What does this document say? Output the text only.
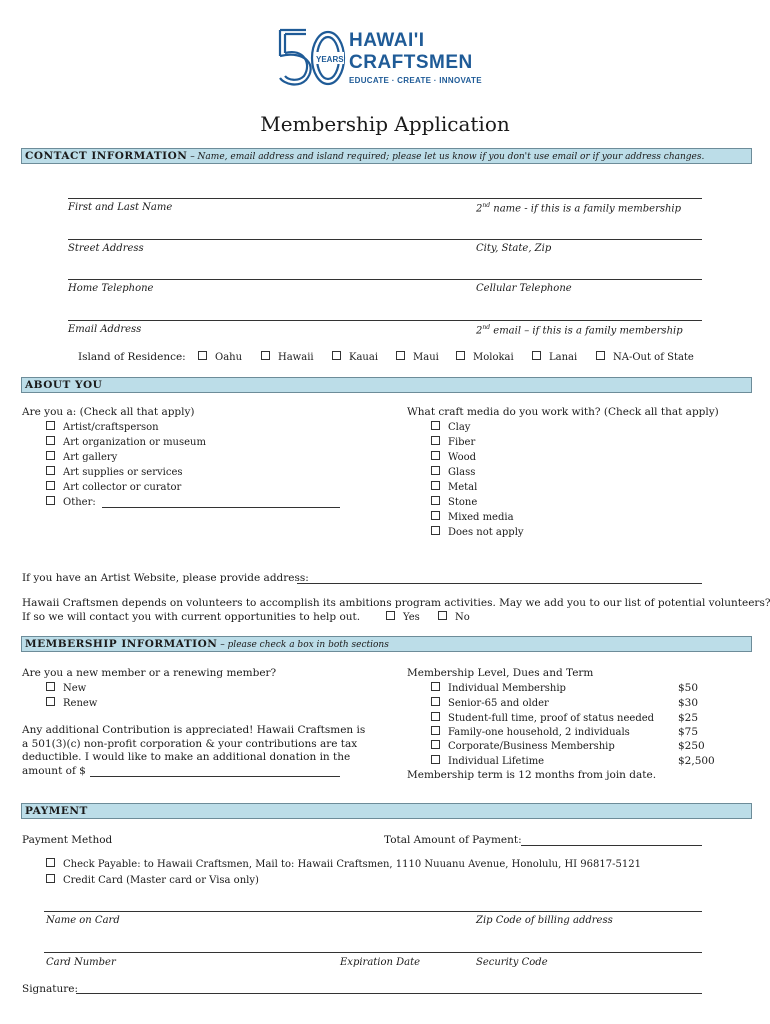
YEARS
HAWAI'I
CRAFTSMEN
EDUCATE · CREATE · INNOVATE
Membership Application
CONTACT INFORMATION – Name, email address and island required; please let us know if you don't use email or if your address changes.
First and Last Name	2nd name - if this is a family membership
Street Address	City, State, Zip
Home Telephone	Cellular Telephone
Email Address	2nd email – if this is a family membership
Island of Residence:	Oahu	Hawaii	Kauai	Maui	Molokai	Lanai	NA-Out of State
ABOUT YOU
Are you a: (Check all that apply)
Artist/craftsperson
Art organization or museum
Art gallery
Art supplies or services
Art collector or curator
Other:
What craft media do you work with? (Check all that apply)
Clay
Fiber
Wood
Glass
Metal
Stone
Mixed media
Does not apply
If you have an Artist Website, please provide address:
Hawaii Craftsmen depends on volunteers to accomplish its ambitions program activities. May we add you to our list of potential volunteers?
If so we will contact you with current opportunities to help out.	Yes	No
MEMBERSHIP INFORMATION – please check a box in both sections
Are you a new member or a renewing member?
New
Renew
Any additional Contribution is appreciated! Hawaii Craftsmen is
a 501(3)(c) non-profit corporation & your contributions are tax
deductible. I would like to make an additional donation in the
amount of $
Membership Level, Dues and Term
Individual Membership	$50
Senior-65 and older	$30
Student-full time, proof of status needed $25
Family-one household, 2 individuals	$75
Corporate/Business Membership	$250
Individual Lifetime	$2,500
Membership term is 12 months from join date.
PAYMENT
Payment Method	Total Amount of Payment:
Check Payable: to Hawaii Craftsmen, Mail to: Hawaii Craftsmen, 1110 Nuuanu Avenue, Honolulu, HI 96817-5121
Credit Card (Master card or Visa only)
Name on Card	Zip Code of billing address
Card Number	Expiration Date	Security Code
Signature:
